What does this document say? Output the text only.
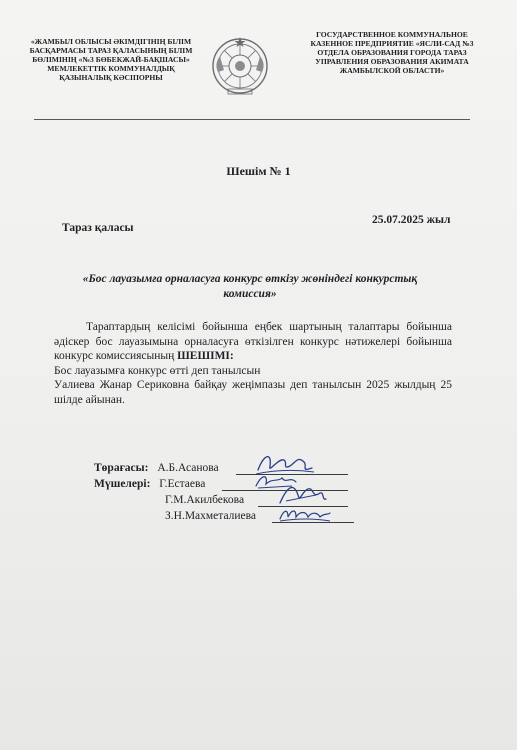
«ЖАМБЫЛ ОБЛЫСЫ ӘКІМДІГІНІҢ БІЛІМ БАСҚАРМАСЫ ТАРАЗ ҚАЛАСЫНЫҢ БІЛІМ БӨЛІМІНІҢ «№3 БӨБЕКЖАЙ-БАҚШАСЫ» МЕМЛЕКЕТТІК КОММУНАЛДЫҚ ҚАЗЫНАЛЫҚ КӘСІПОРНЫ
ГОСУДАРСТВЕННОЕ КОММУНАЛЬНОЕ КАЗЕННОЕ ПРЕДПРИЯТИЕ «ЯСЛИ-САД №3 ОТДЕЛА ОБРАЗОВАНИЯ ГОРОДА ТАРАЗ УПРАВЛЕНИЯ ОБРАЗОВАНИЯ АКИМАТА ЖАМБЫЛСКОЙ ОБЛАСТИ»
Шешім № 1
Тараз қаласы
25.07.2025 жыл
«Бос лауазымға орналасуға конкурс өткізу жөніндегі конкурстық комиссия»

Тараптардың келісімі бойынша еңбек шартының талаптары бойынша әдіскер бос лауазымына орналасуға өткізілген конкурс нәтижелері бойынша конкурс комиссиясының ШЕШІМІ:

Бос лауазымға конкурс өтті деп танылсын

Уалиева Жанар Сериковна байқау жеңімпазы деп танылсын 2025 жылдың 25 шілде айынан.

Төрағасы: А.Б.Асанова
Мүшелері: Г.Естаева
Г.М.Акилбекова
З.Н.Махметалиева
